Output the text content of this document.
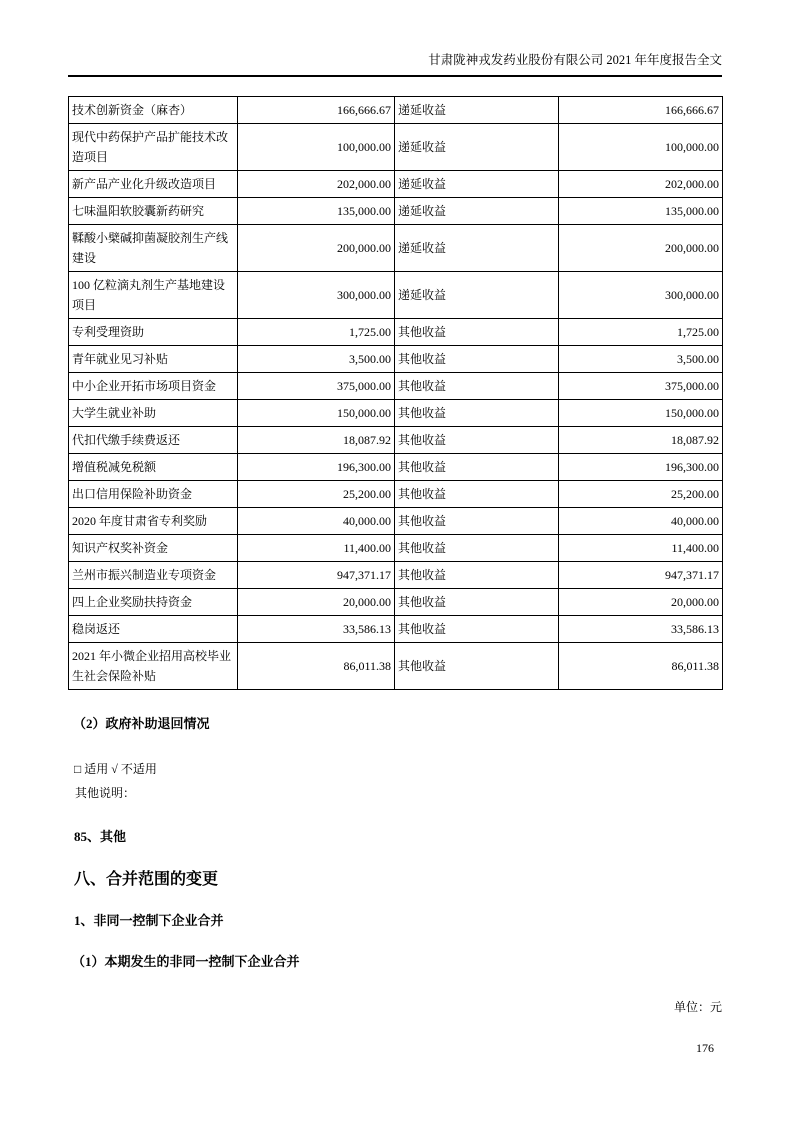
甘肃陇神戎发药业股份有限公司 2021 年年度报告全文
技术创新资金（麻杏）	166,666.67	递延收益	166,666.67
现代中药保护产品扩能技术改造项目	100,000.00	递延收益	100,000.00
新产品产业化升级改造项目	202,000.00	递延收益	202,000.00
七味温阳软胶囊新药研究	135,000.00	递延收益	135,000.00
鞣酸小檗碱抑菌凝胶剂生产线建设	200,000.00	递延收益	200,000.00
100 亿粒滴丸剂生产基地建设项目	300,000.00	递延收益	300,000.00
专利受理资助	1,725.00	其他收益	1,725.00
青年就业见习补贴	3,500.00	其他收益	3,500.00
中小企业开拓市场项目资金	375,000.00	其他收益	375,000.00
大学生就业补助	150,000.00	其他收益	150,000.00
代扣代缴手续费返还	18,087.92	其他收益	18,087.92
增值税减免税额	196,300.00	其他收益	196,300.00
出口信用保险补助资金	25,200.00	其他收益	25,200.00
2020 年度甘肃省专利奖励	40,000.00	其他收益	40,000.00
知识产权奖补资金	11,400.00	其他收益	11,400.00
兰州市振兴制造业专项资金	947,371.17	其他收益	947,371.17
四上企业奖励扶持资金	20,000.00	其他收益	20,000.00
稳岗返还	33,586.13	其他收益	33,586.13
2021 年小微企业招用高校毕业生社会保险补贴	86,011.38	其他收益	86,011.38
（2）政府补助退回情况
□ 适用 √ 不适用
其他说明：
85、其他
八、合并范围的变更
1、非同一控制下企业合并
（1）本期发生的非同一控制下企业合并
单位：元
176
